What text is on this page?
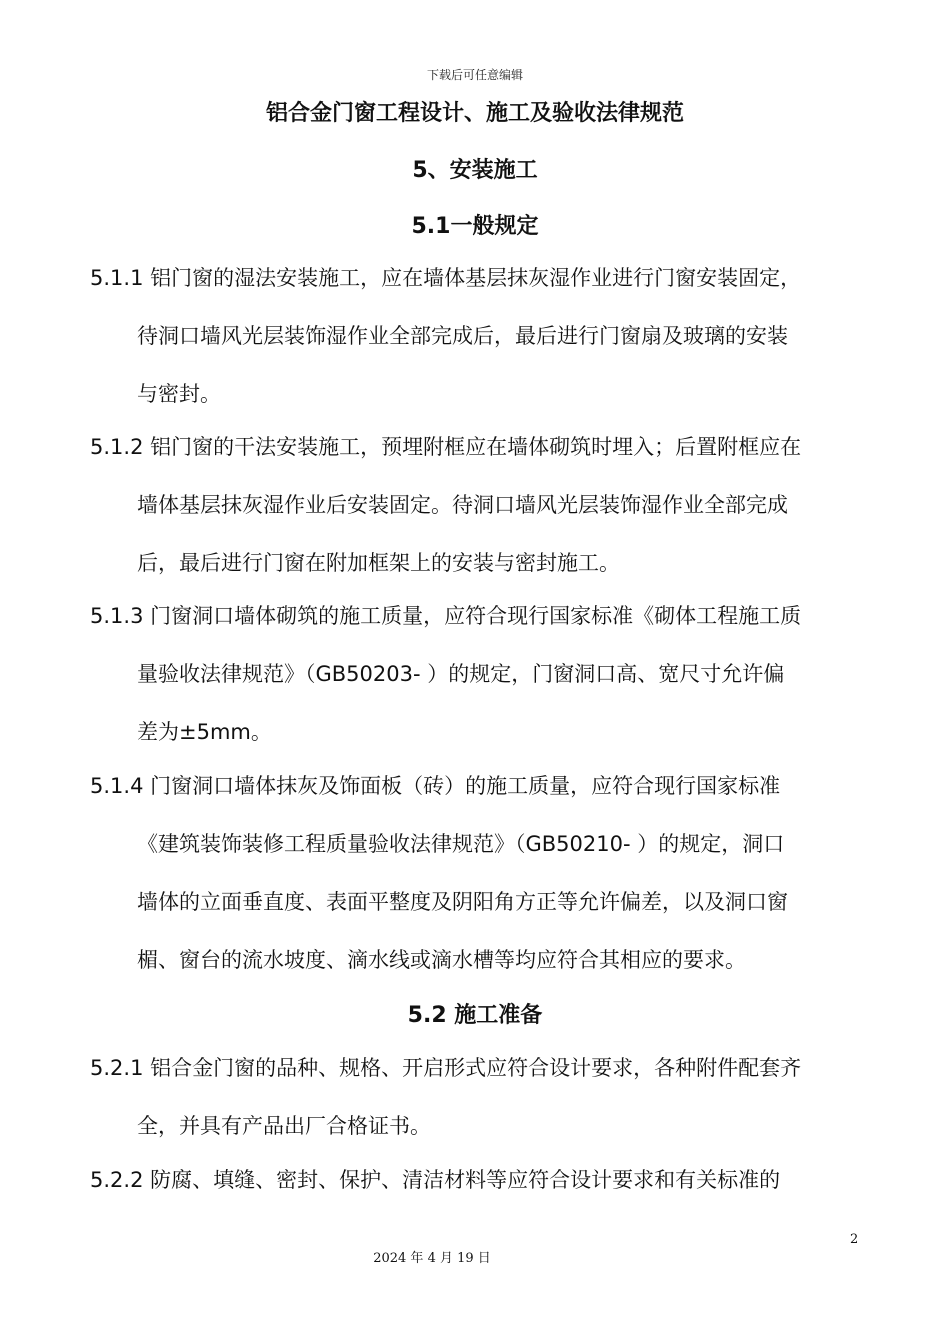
下载后可任意编辑
铝合金门窗工程设计、施工及验收法律规范
5、安装施工
5.1一般规定
5.1.1 铝门窗的湿法安装施工，应在墙体基层抹灰湿作业进行门窗安装固定，
待洞口墙风光层装饰湿作业全部完成后，最后进行门窗扇及玻璃的安装
与密封。
5.1.2 铝门窗的干法安装施工，预埋附框应在墙体砌筑时埋入；后置附框应在
墙体基层抹灰湿作业后安装固定。待洞口墙风光层装饰湿作业全部完成
后，最后进行门窗在附加框架上的安装与密封施工。
5.1.3 门窗洞口墙体砌筑的施工质量，应符合现行国家标准《砌体工程施工质
量验收法律规范》（GB50203- ）的规定，门窗洞口高、宽尺寸允许偏
差为±5mm。
5.1.4 门窗洞口墙体抹灰及饰面板（砖）的施工质量，应符合现行国家标准
《建筑装饰装修工程质量验收法律规范》（GB50210- ）的规定，洞口
墙体的立面垂直度、表面平整度及阴阳角方正等允许偏差，以及洞口窗
楣、窗台的流水坡度、滴水线或滴水槽等均应符合其相应的要求。
5.2 施工准备
5.2.1 铝合金门窗的品种、规格、开启形式应符合设计要求，各种附件配套齐
全，并具有产品出厂合格证书。
5.2.2 防腐、填缝、密封、保护、清洁材料等应符合设计要求和有关标准的
2
2024 年 4 月 19 日
